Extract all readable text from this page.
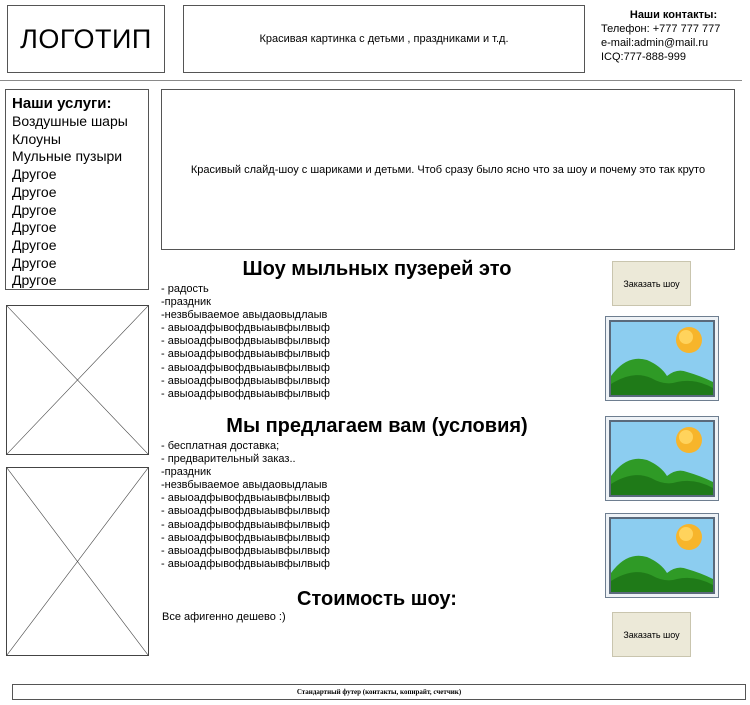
ЛОГОТИП	Красивая картинка с детьми , праздниками и т.д.
Наши контакты:
Телефон: +777 777 777
e-mail:admin@mail.ru
ICQ:777-888-999
Наши услуги:
Воздушные шары
Клоуны
Мульные пузыри
Другое
Другое
Другое
Другое
Другое
Другое
Другое
Красивый слайд-шоу с шариками и детьми. Чтоб сразу было ясно что за шоу и почему это так круто
Шоу мыльных пузерей это
- радость
-праздник
-незвбываемое авыдаовыдлаыв
- авыоадфывофдвыаывфылвыф
- авыоадфывофдвыаывфылвыф
- авыоадфывофдвыаывфылвыф
- авыоадфывофдвыаывфылвыф
- авыоадфывофдвыаывфылвыф
- авыоадфывофдвыаывфылвыф
Мы предлагаем вам (условия)
- бесплатная доставка;
- предварительный заказ..
-праздник
-незвбываемое авыдаовыдлаыв
- авыоадфывофдвыаывфылвыф
- авыоадфывофдвыаывфылвыф
- авыоадфывофдвыаывфылвыф
- авыоадфывофдвыаывфылвыф
- авыоадфывофдвыаывфылвыф
- авыоадфывофдвыаывфылвыф
Стоимость шоу:
Все афигенно дешево :)
Заказать шоу
Заказать шоу
Стандартный футер (контакты, копирайт, счетчик)
